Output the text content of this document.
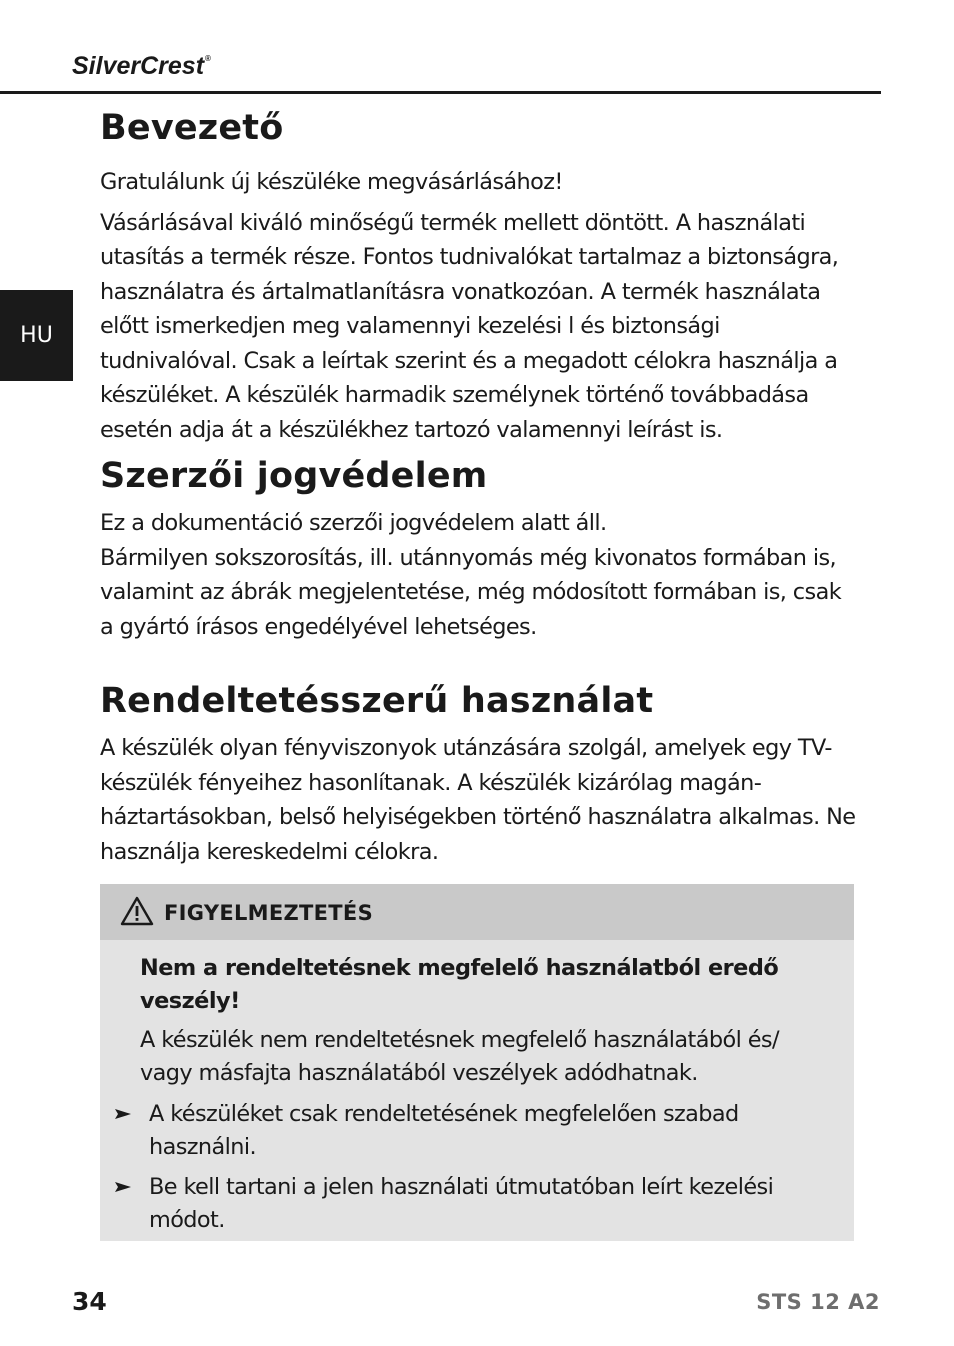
SilverCrest®
HU
Bevezető

Gratulálunk új készüléke megvásárlásához!

Vásárlásával kiváló minőségű termék mellett döntött. A használati utasítás a termék része. Fontos tudnivalókat tartalmaz a biztonságra, használatra és ártalmatlanításra vonatkozóan. A termék használata előtt ismerkedjen meg valamennyi kezelési l és biztonsági tudnivalóval. Csak a leírtak szerint és a megadott célokra használja a készüléket. A készülék harmadik személynek történő továbbadása esetén adja át a készülékhez tartozó valamennyi leírást is.

Szerzői jogvédelem

Ez a dokumentáció szerzői jogvédelem alatt áll.

Bármilyen sokszorosítás, ill. utánnyomás még kivonatos formában is, valamint az ábrák megjelentetése, még módosított formában is, csak a gyártó írásos engedélyével lehetséges.

Rendeltetésszerű használat

A készülék olyan fényviszonyok utánzására szolgál, amelyek egy TV-készülék fényeihez hasonlítanak. A készülék kizárólag magán-háztartásokban, belső helyiségekben történő használatra alkalmas. Ne használja kereskedelmi célokra.

FIGYELMEZTETÉS
Nem a rendeltetésnek megfelelő használatból eredő veszély!
A készülék nem rendeltetésnek megfelelő használatából és/ vagy másfajta használatából veszélyek adódhatnak.
A készüléket csak rendeltetésének megfelelően szabad használni.
Be kell tartani a jelen használati útmutatóban leírt kezelési módot.
34	STS 12 A2
